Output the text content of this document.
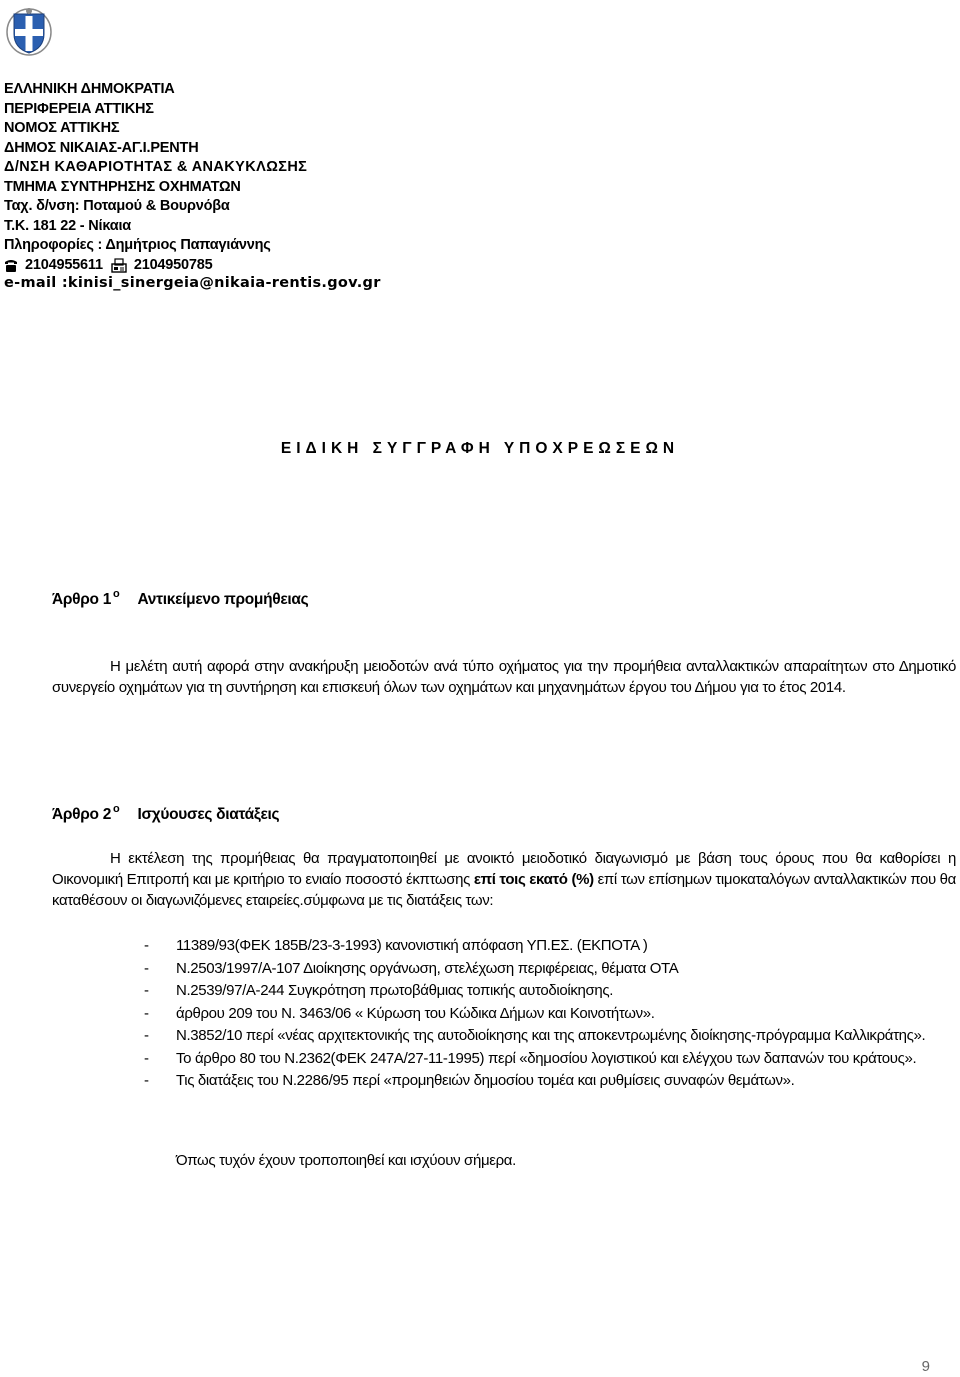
ΕΛΛΗΝΙΚΗ ΔΗΜΟΚΡΑΤΙΑ
ΠΕΡΙΦΕΡΕΙΑ ΑΤΤΙΚΗΣ
ΝΟΜΟΣ ΑΤΤΙΚΗΣ
ΔΗΜΟΣ ΝΙΚΑΙΑΣ-ΑΓ.Ι.ΡΕΝΤΗ
Δ/ΝΣΗ ΚΑΘΑΡΙΟΤΗΤΑΣ & ΑΝΑΚΥΚΛΩΣΗΣ
ΤΜΗΜΑ ΣΥΝΤΗΡΗΣΗΣ ΟΧΗΜΑΤΩΝ
Ταχ. δ/νση: Ποταμού & Βουρνόβα
Τ.Κ. 181 22 - Νίκαια
Πληροφορίες : Δημήτριος Παπαγιάννης
2104955611 2104950785
e-mail :kinisi_sinergeia@nikaia-rentis.gov.gr
ΕΙΔΙΚΗ ΣΥΓΓΡΑΦΗ ΥΠΟΧΡΕΩΣΕΩΝ
Άρθρο 1 $^o$ Αντικείμενο προμήθειας
Η μελέτη αυτή αφορά στην ανακήρυξη μειοδοτών ανά τύπο οχήματος για την προμήθεια ανταλλακτικών απαραίτητων στο Δημοτικό συνεργείο οχημάτων για τη συντήρηση και επισκευή όλων των οχημάτων και μηχανημάτων έργου του Δήμου για το έτος 2014.
Άρθρο 2 $^o$ Ισχύουσες διατάξεις
Η εκτέλεση της προμήθειας θα πραγματοποιηθεί με ανοικτό μειοδοτικό διαγωνισμό με βάση τους όρους που θα καθορίσει η Οικονομική Επιτροπή και με κριτήριο το ενιαίο ποσοστό έκπτωσης επί τοις εκατό (%) επί των επίσημων τιμοκαταλόγων ανταλλακτικών που θα καταθέσουν οι διαγωνιζόμενες εταιρείες.σύμφωνα με τις διατάξεις των:
- 11389/93(ΦΕΚ 185Β/23-3-1993) κανονιστική απόφαση ΥΠ.ΕΣ. (ΕΚΠΟΤΑ )
- Ν.2503/1997/Α-107 Διοίκησης οργάνωση, στελέχωση περιφέρειας, θέματα ΟΤΑ
- Ν.2539/97/Α-244 Συγκρότηση πρωτοβάθμιας τοπικής αυτοδιοίκησης.
- άρθρου 209 του Ν. 3463/06 « Κύρωση του Κώδικα Δήμων και Κοινοτήτων».
- Ν.3852/10 περί «νέας αρχιτεκτονικής της αυτοδιοίκησης και της αποκεντρωμένης διοίκησης-πρόγραμμα Καλλικράτης».
- Το άρθρο 80 του Ν.2362(ΦΕΚ 247Α/27-11-1995) περί «δημοσίου λογιστικού και ελέγχου των δαπανών του κράτους».
- Τις διατάξεις του Ν.2286/95 περί «προμηθειών δημοσίου τομέα και ρυθμίσεις συναφών θεμάτων».
Όπως τυχόν έχουν τροποποιηθεί και ισχύουν σήμερα.
9
